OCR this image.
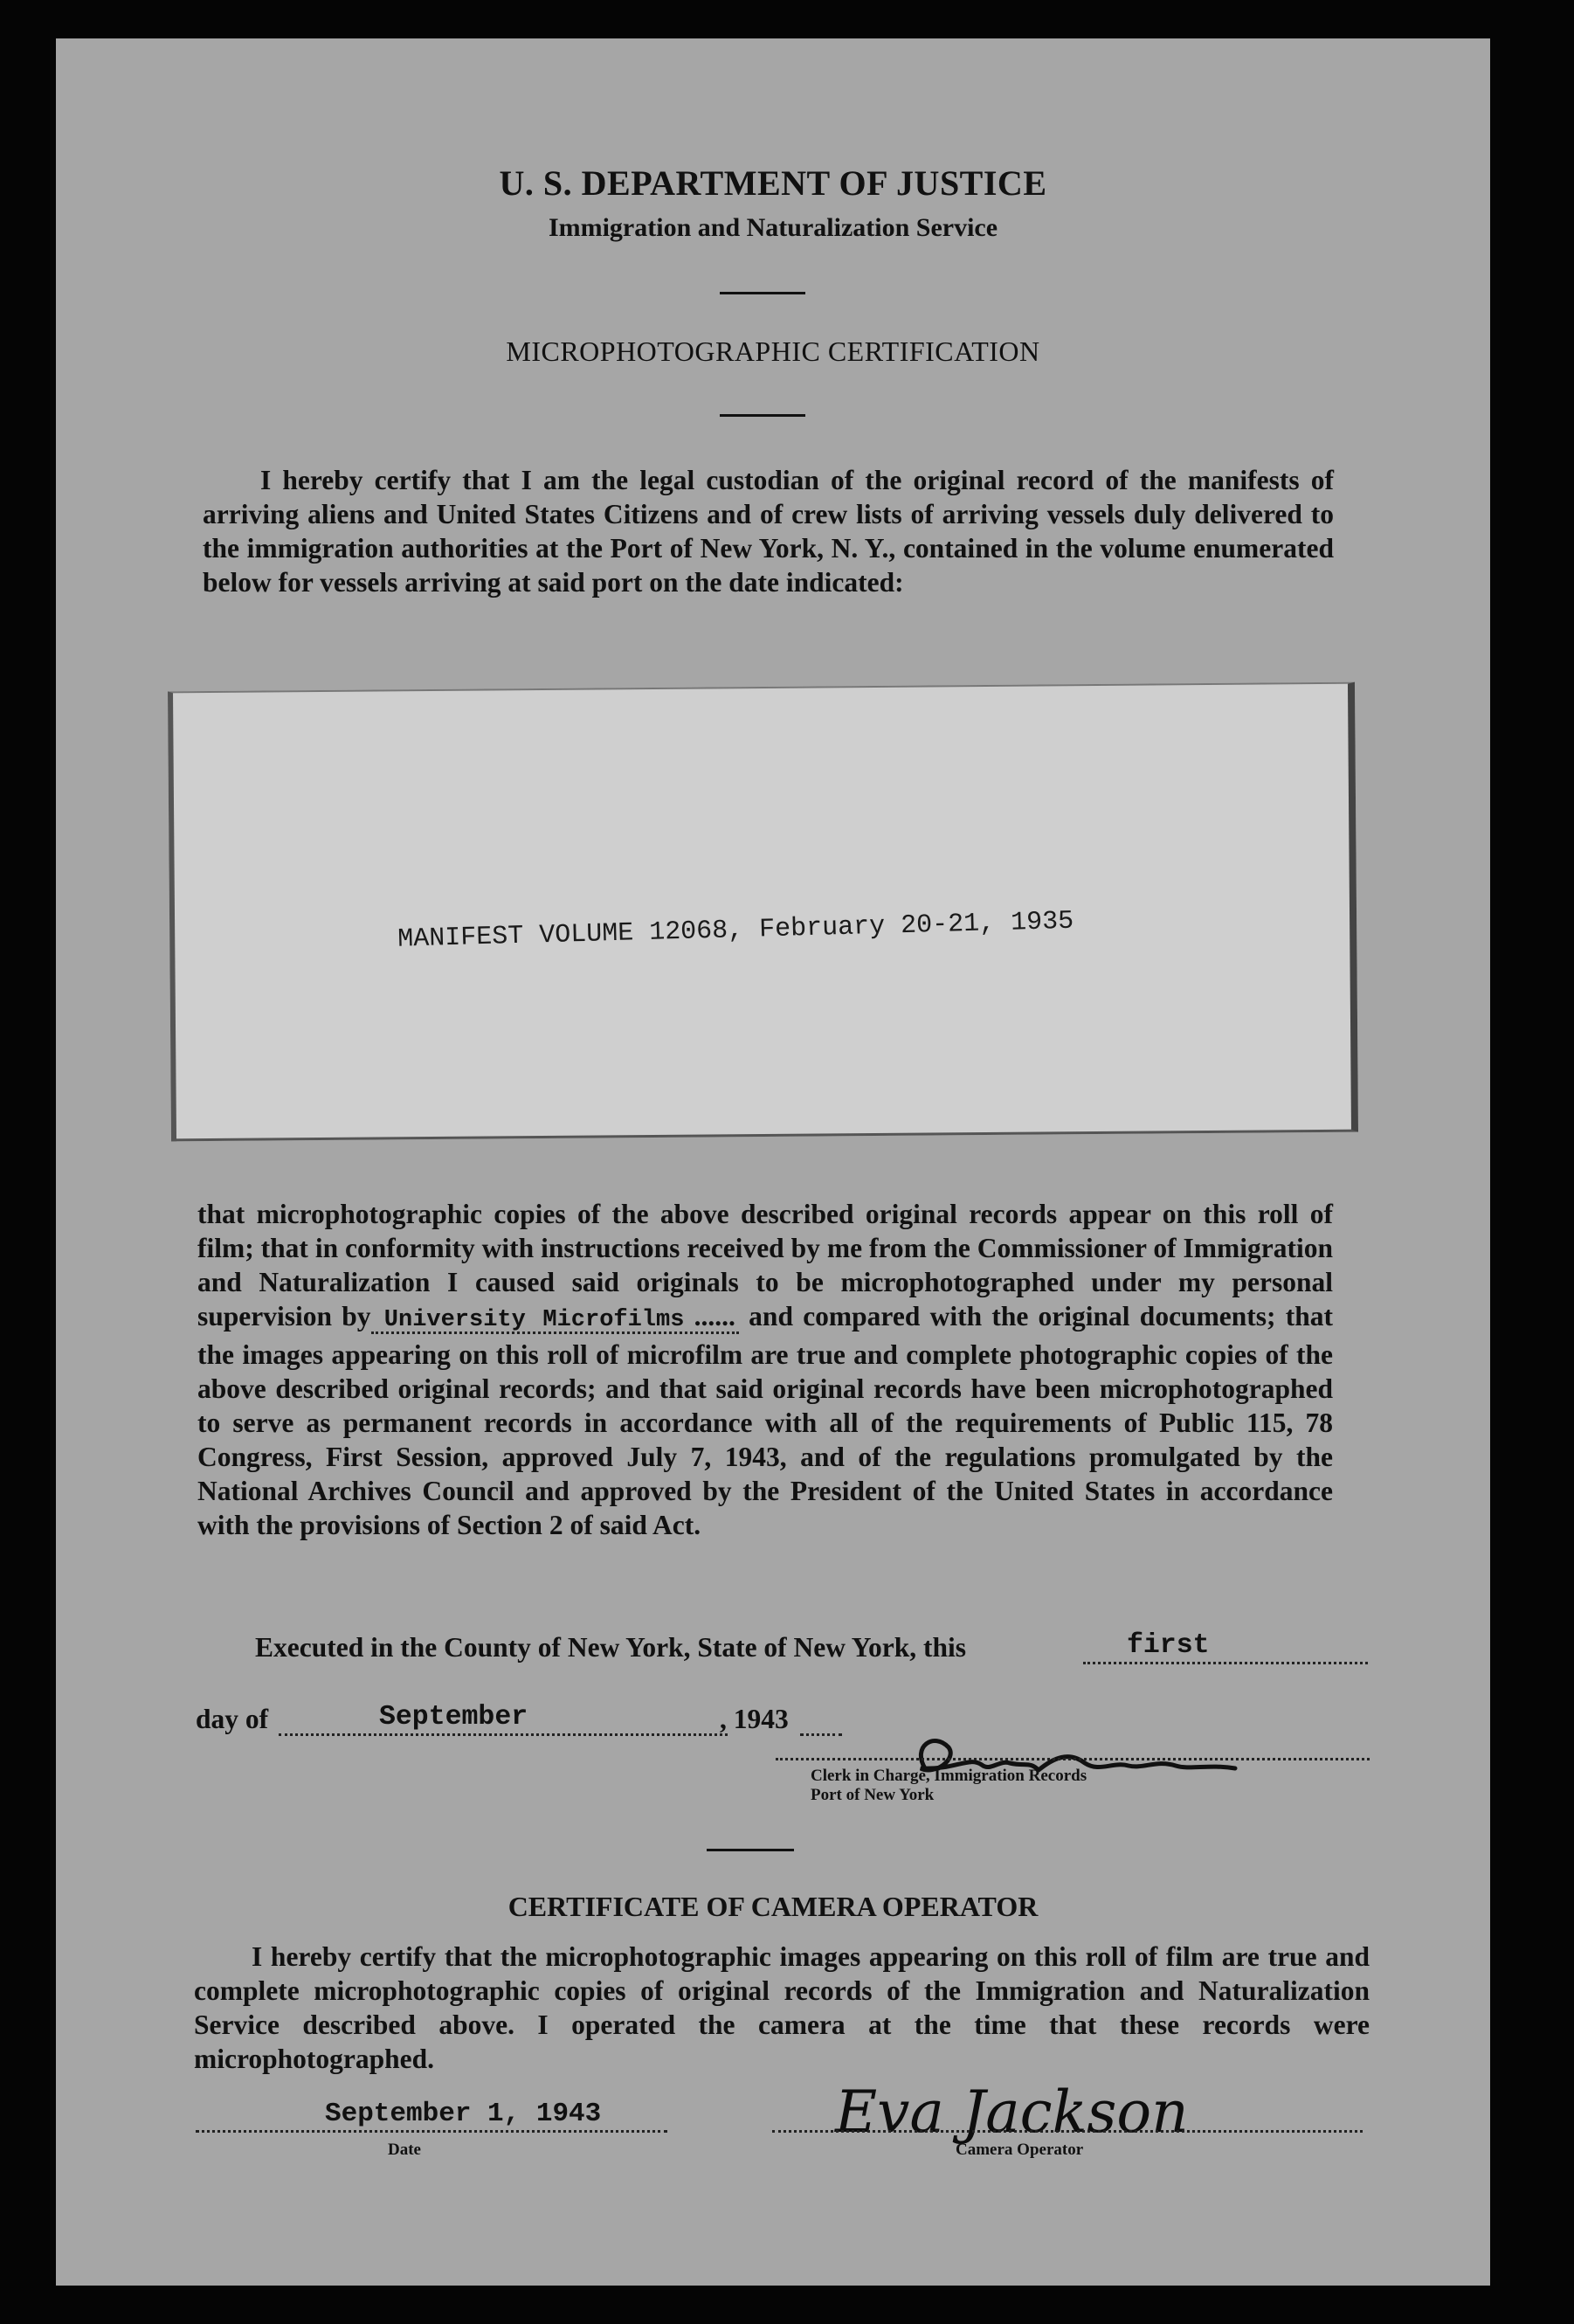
U. S. DEPARTMENT OF JUSTICE
Immigration and Naturalization Service
MICROPHOTOGRAPHIC CERTIFICATION
I hereby certify that I am the legal custodian of the original record of the manifests of arriving aliens and United States Citizens and of crew lists of arriving vessels duly delivered to the immigration authorities at the Port of New York, N. Y., contained in the volume enumerated below for vessels arriving at said port on the date indicated:
MANIFEST VOLUME 12068, February 20-21, 1935
that microphotographic copies of the above described original records appear on this roll of film; that in conformity with instructions received by me from the Commissioner of Immigration and Naturalization I caused said originals to be microphotographed under my personal supervision by University Microfilms ...... and compared with the original documents; that the images appearing on this roll of microfilm are true and complete photographic copies of the above described original records; and that said original records have been microphotographed to serve as permanent records in accordance with all of the requirements of Public 115, 78 Congress, First Session, approved July 7, 1943, and of the regulations promulgated by the National Archives Council and approved by the President of the United States in accordance with the provisions of Section 2 of said Act.
Executed in the County of New York, State of New York, this	first
day of	September	, 1943
Clerk in Charge, Immigration Records
Port of New York
CERTIFICATE OF CAMERA OPERATOR
I hereby certify that the microphotographic images appearing on this roll of film are true and complete microphotographic copies of original records of the Immigration and Naturalization Service described above. I operated the camera at the time that these records were microphotographed.
September 1, 1943
Date
Eva Jackson
Camera Operator
